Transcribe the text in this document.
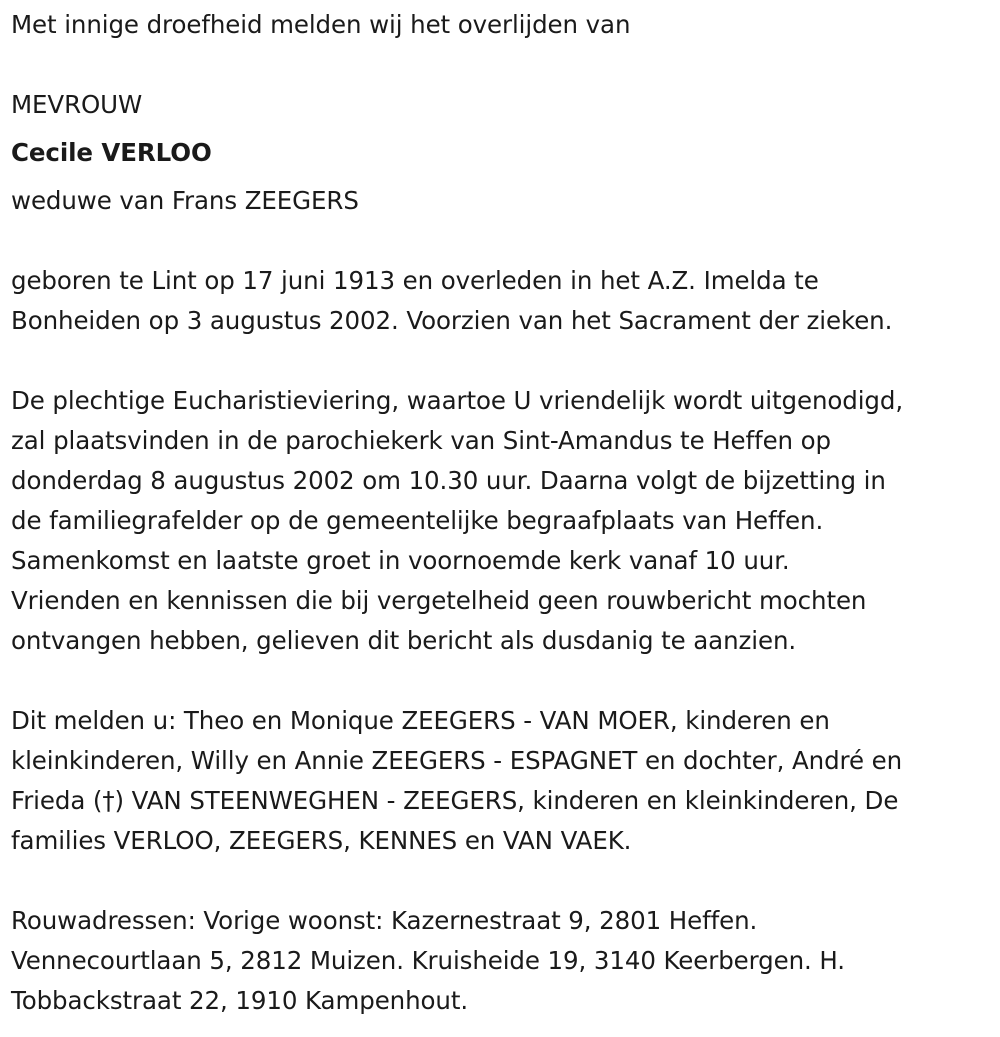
Met innige droefheid melden wij het overlijden van
MEVROUW
Cecile VERLOO
weduwe van Frans ZEEGERS
geboren te Lint op 17 juni 1913 en overleden in het A.Z. Imelda te
Bonheiden op 3 augustus 2002. Voorzien van het Sacrament der zieken.
De plechtige Eucharistieviering, waartoe U vriendelijk wordt uitgenodigd,
zal plaatsvinden in de parochiekerk van Sint-Amandus te Heffen op
donderdag 8 augustus 2002 om 10.30 uur. Daarna volgt de bijzetting in
de familiegrafelder op de gemeentelijke begraafplaats van Heffen.
Samenkomst en laatste groet in voornoemde kerk vanaf 10 uur.
Vrienden en kennissen die bij vergetelheid geen rouwbericht mochten
ontvangen hebben, gelieven dit bericht als dusdanig te aanzien.
Dit melden u: Theo en Monique ZEEGERS - VAN MOER, kinderen en
kleinkinderen, Willy en Annie ZEEGERS - ESPAGNET en dochter, André en
Frieda (†) VAN STEENWEGHEN - ZEEGERS, kinderen en kleinkinderen, De
families VERLOO, ZEEGERS, KENNES en VAN VAEK.
Rouwadressen: Vorige woonst: Kazernestraat 9, 2801 Heffen.
Vennecourtlaan 5, 2812 Muizen. Kruisheide 19, 3140 Keerbergen. H.
Tobbackstraat 22, 1910 Kampenhout.
